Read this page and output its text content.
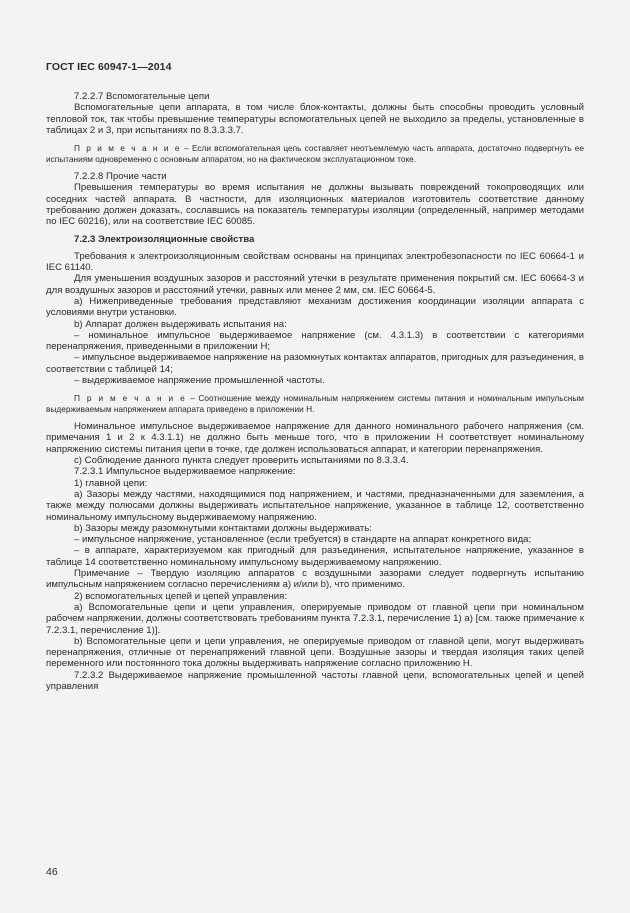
ГОСТ IEC 60947-1—2014

7.2.2.7 Вспомогательные цепи

Вспомогательные цепи аппарата, в том числе блок-контакты, должны быть способны проводить условный тепловой ток, так чтобы превышение температуры вспомогательных цепей не выходило за пределы, установленные в таблицах 2 и 3, при испытаниях по 8.3.3.3.7.

П р и м е ч а н и е – Если вспомогательная цепь составляет неотъемлемую часть аппарата, достаточно подвергнуть ее испытаниям одновременно с основным аппаратом, но на фактическом эксплуатационном токе.

7.2.2.8 Прочие части

Превышения температуры во время испытания не должны вызывать повреждений токопроводящих или соседних частей аппарата. В частности, для изоляционных материалов изготовитель соответствие данному требованию должен доказать, сославшись на показатель температуры изоляции (определенный, например методами по IEC 60216), или на соответствие IEC 60085.

7.2.3 Электроизоляционные свойства

Требования к электроизоляционным свойствам основаны на принципах электробезопасности по IEC 60664-1 и IEC 61140.

Для уменьшения воздушных зазоров и расстояний утечки в результате применения покрытий см. IEC 60664-3 и для воздушных зазоров и расстояний утечки, равных или менее 2 мм, см. IEC 60664-5.

а) Нижеприведенные требования представляют механизм достижения координации изоляции аппарата с условиями внутри установки.

b) Аппарат должен выдерживать испытания на:

– номинальное импульсное выдерживаемое напряжение (см. 4.3.1.3) в соответствии с категориями перенапряжения, приведенными в приложении Н;

– импульсное выдерживаемое напряжение на разомкнутых контактах аппаратов, пригодных для разъединения, в соответствии с таблицей 14;

– выдерживаемое напряжение промышленной частоты.

П р и м е ч а н и е – Соотношение между номинальным напряжением системы питания и номинальным импульсным выдерживаемым напряжением аппарата приведено в приложении Н.

Номинальное импульсное выдерживаемое напряжение для данного номинального рабочего напряжения (см. примечания 1 и 2 к 4.3.1.1) не должно быть меньше того, что в приложении Н соответствует номинальному напряжению системы питания цепи в точке, где должен использоваться аппарат, и категории перенапряжения.

с) Соблюдение данного пункта следует проверить испытаниями по 8.3.3.4.

7.2.3.1 Импульсное выдерживаемое напряжение:

1) главной цепи:

а) Зазоры между частями, находящимися под напряжением, и частями, предназначенными для заземления, а также между полюсами должны выдерживать испытательное напряжение, указанное в таблице 12, соответственно номинальному импульсному выдерживаемому напряжению.

b) Зазоры между разомкнутыми контактами должны выдерживать:

– импульсное напряжение, установленное (если требуется) в стандарте на аппарат конкретного вида;

– в аппарате, характеризуемом как пригодный для разъединения, испытательное напряжение, указанное в таблице 14 соответственно номинальному импульсному выдерживаемому напряжению.

Примечание – Твердую изоляцию аппаратов с воздушными зазорами следует подвергнуть испытанию импульсным напряжением согласно перечислениям а) и/или b), что применимо.

2) вспомогательных цепей и цепей управления:

а) Вспомогательные цепи и цепи управления, оперируемые приводом от главной цепи при номинальном рабочем напряжении, должны соответствовать требованиям пункта 7.2.3.1, перечисление 1) а) [см. также примечание к 7.2.3.1, перечисление 1)].

b) Вспомогательные цепи и цепи управления, не оперируемые приводом от главной цепи, могут выдерживать перенапряжения, отличные от перенапряжений главной цепи. Воздушные зазоры и твердая изоляция таких цепей переменного или постоянного тока должны выдерживать напряжение согласно приложению Н.

7.2.3.2 Выдерживаемое напряжение промышленной частоты главной цепи, вспомогательных цепей и цепей управления

46
